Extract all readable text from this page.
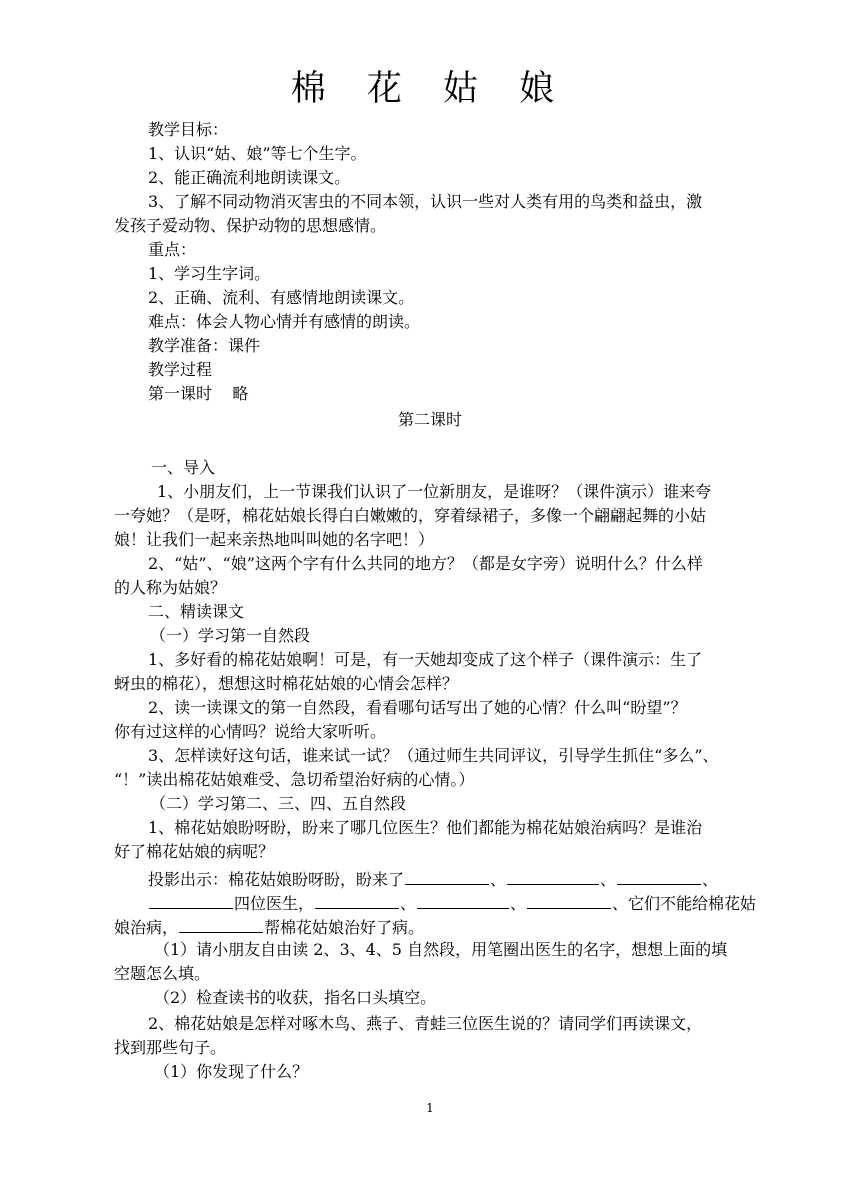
棉 花 姑 娘
教学目标：
1、认识“姑、娘”等七个生字。
2、能正确流利地朗读课文。
3、了解不同动物消灭害虫的不同本领，认识一些对人类有用的鸟类和益虫，激
发孩子爱动物、保护动物的思想感情。
重点：
1、学习生字词。
2、正确、流利、有感情地朗读课文。
难点：体会人物心情并有感情的朗读。
教学准备：课件
教学过程
第一课时    略
第二课时
一、导入
1、小朋友们，上一节课我们认识了一位新朋友，是谁呀？（课件演示）谁来夸
一夸她？（是呀，棉花姑娘长得白白嫩嫩的，穿着绿裙子，多像一个翩翩起舞的小姑
娘！让我们一起来亲热地叫叫她的名字吧！）
2、“姑”、“娘”这两个字有什么共同的地方？（都是女字旁）说明什么？什么样
的人称为姑娘？
二、精读课文
（一）学习第一自然段
1、多好看的棉花姑娘啊！可是，有一天她却变成了这个样子（课件演示：生了
蚜虫的棉花），想想这时棉花姑娘的心情会怎样？
2、读一读课文的第一自然段，看看哪句话写出了她的心情？什么叫“盼望”？
你有过这样的心情吗？说给大家听听。
3、怎样读好这句话，谁来试一试？（通过师生共同评议，引导学生抓住“多么”、
“！”读出棉花姑娘难受、急切希望治好病的心情。）
（二）学习第二、三、四、五自然段
1、棉花姑娘盼呀盼，盼来了哪几位医生？他们都能为棉花姑娘治病吗？是谁治
好了棉花姑娘的病呢？
投影出示：棉花姑娘盼呀盼，盼来了	、	、	、
四位医生，	、	、	、它们不能给棉花姑
娘治病，	帮棉花姑娘治好了病。
（1）请小朋友自由读 2、3、4、5 自然段，用笔圈出医生的名字，想想上面的填
空题怎么填。
（2）检查读书的收获，指名口头填空。
2、棉花姑娘是怎样对啄木鸟、燕子、青蛙三位医生说的？请同学们再读课文，
找到那些句子。
（1）你发现了什么？
1
